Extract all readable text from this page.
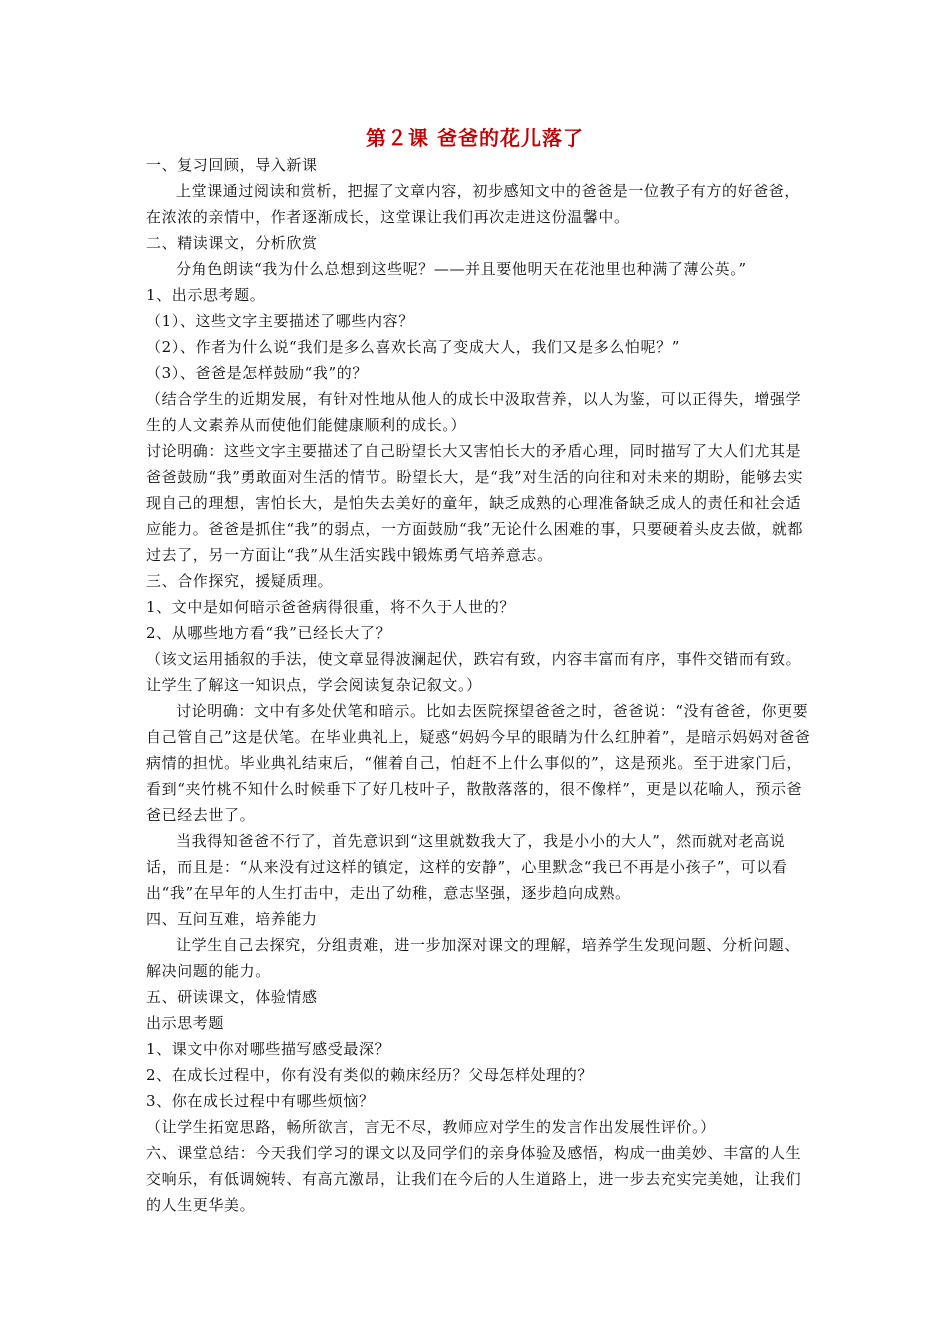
第２课 爸爸的花儿落了

一、复习回顾，导入新课

上堂课通过阅读和赏析，把握了文章内容，初步感知文中的爸爸是一位教子有方的好爸爸，在浓浓的亲情中，作者逐渐成长，这堂课让我们再次走进这份温馨中。

二、精读课文，分析欣赏

分角色朗读“我为什么总想到这些呢？——并且要他明天在花池里也种满了薄公英。”

1、出示思考题。

（1）、这些文字主要描述了哪些内容？

（2）、作者为什么说“我们是多么喜欢长高了变成大人，我们又是多么怕呢？”

（3）、爸爸是怎样鼓励“我”的？

（结合学生的近期发展，有针对性地从他人的成长中汲取营养，以人为鉴，可以正得失，增强学生的人文素养从而使他们能健康顺利的成长。）

讨论明确：这些文字主要描述了自己盼望长大又害怕长大的矛盾心理，同时描写了大人们尤其是爸爸鼓励“我”勇敢面对生活的情节。盼望长大，是“我”对生活的向往和对未来的期盼，能够去实现自己的理想，害怕长大，是怕失去美好的童年，缺乏成熟的心理准备缺乏成人的责任和社会适应能力。爸爸是抓住“我”的弱点，一方面鼓励“我”无论什么困难的事，只要硬着头皮去做，就都过去了，另一方面让“我”从生活实践中锻炼勇气培养意志。

三、合作探究，援疑质理。

1、文中是如何暗示爸爸病得很重，将不久于人世的？

2、从哪些地方看“我”已经长大了？

（该文运用插叙的手法，使文章显得波澜起伏，跌宕有致，内容丰富而有序，事件交错而有致。让学生了解这一知识点，学会阅读复杂记叙文。）

讨论明确：文中有多处伏笔和暗示。比如去医院探望爸爸之时，爸爸说：“没有爸爸，你更要自己管自己”这是伏笔。在毕业典礼上，疑惑“妈妈今早的眼睛为什么红肿着”，是暗示妈妈对爸爸病情的担忧。毕业典礼结束后，“催着自己，怕赶不上什么事似的”，这是预兆。至于进家门后，看到“夹竹桃不知什么时候垂下了好几枝叶子，散散落落的，很不像样”，更是以花喻人，预示爸爸已经去世了。

当我得知爸爸不行了，首先意识到“这里就数我大了，我是小小的大人”，然而就对老高说话，而且是：“从来没有过这样的镇定，这样的安静”，心里默念“我已不再是小孩子”，可以看出“我”在早年的人生打击中，走出了幼稚，意志坚强，逐步趋向成熟。

四、互问互难，培养能力

让学生自己去探究，分组责难，进一步加深对课文的理解，培养学生发现问题、分析问题、解决问题的能力。

五、研读课文，体验情感

出示思考题

1、课文中你对哪些描写感受最深？

2、在成长过程中，你有没有类似的赖床经历？父母怎样处理的？

3、你在成长过程中有哪些烦恼？

（让学生拓宽思路，畅所欲言，言无不尽，教师应对学生的发言作出发展性评价。）

六、课堂总结：今天我们学习的课文以及同学们的亲身体验及感悟，构成一曲美妙、丰富的人生交响乐，有低调婉转、有高亢激昂，让我们在今后的人生道路上，进一步去充实完美她，让我们的人生更华美。
